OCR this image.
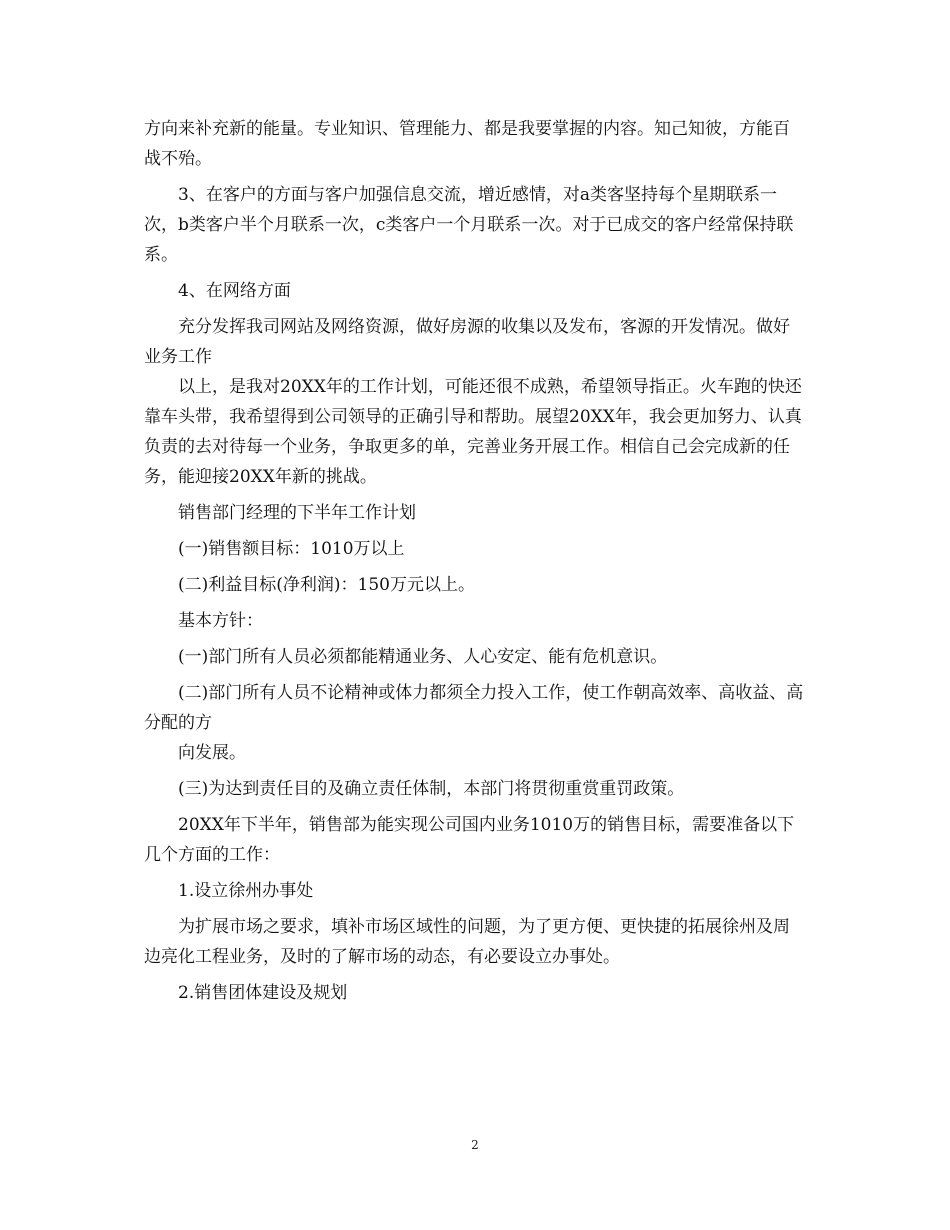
方向来补充新的能量。专业知识、管理能力、都是我要掌握的内容。知己知彼，方能百战不殆。

3、在客户的方面与客户加强信息交流，增近感情，对a类客坚持每个星期联系一次，b类客户半个月联系一次，c类客户一个月联系一次。对于已成交的客户经常保持联系。

4、在网络方面

充分发挥我司网站及网络资源，做好房源的收集以及发布，客源的开发情况。做好业务工作

以上，是我对20XX年的工作计划，可能还很不成熟，希望领导指正。火车跑的快还靠车头带，我希望得到公司领导的正确引导和帮助。展望20XX年，我会更加努力、认真负责的去对待每一个业务，争取更多的单，完善业务开展工作。相信自己会完成新的任务，能迎接20XX年新的挑战。

销售部门经理的下半年工作计划

(一)销售额目标：1010万以上

(二)利益目标(净利润)：150万元以上。

基本方针：

(一)部门所有人员必须都能精通业务、人心安定、能有危机意识。

(二)部门所有人员不论精神或体力都须全力投入工作，使工作朝高效率、高收益、高分配的方

向发展。

(三)为达到责任目的及确立责任体制，本部门将贯彻重赏重罚政策。

20XX年下半年，销售部为能实现公司国内业务1010万的销售目标，需要准备以下几个方面的工作：

1.设立徐州办事处

为扩展市场之要求，填补市场区域性的问题，为了更方便、更快捷的拓展徐州及周边亮化工程业务，及时的了解市场的动态，有必要设立办事处。

2.销售团体建设及规划

2
